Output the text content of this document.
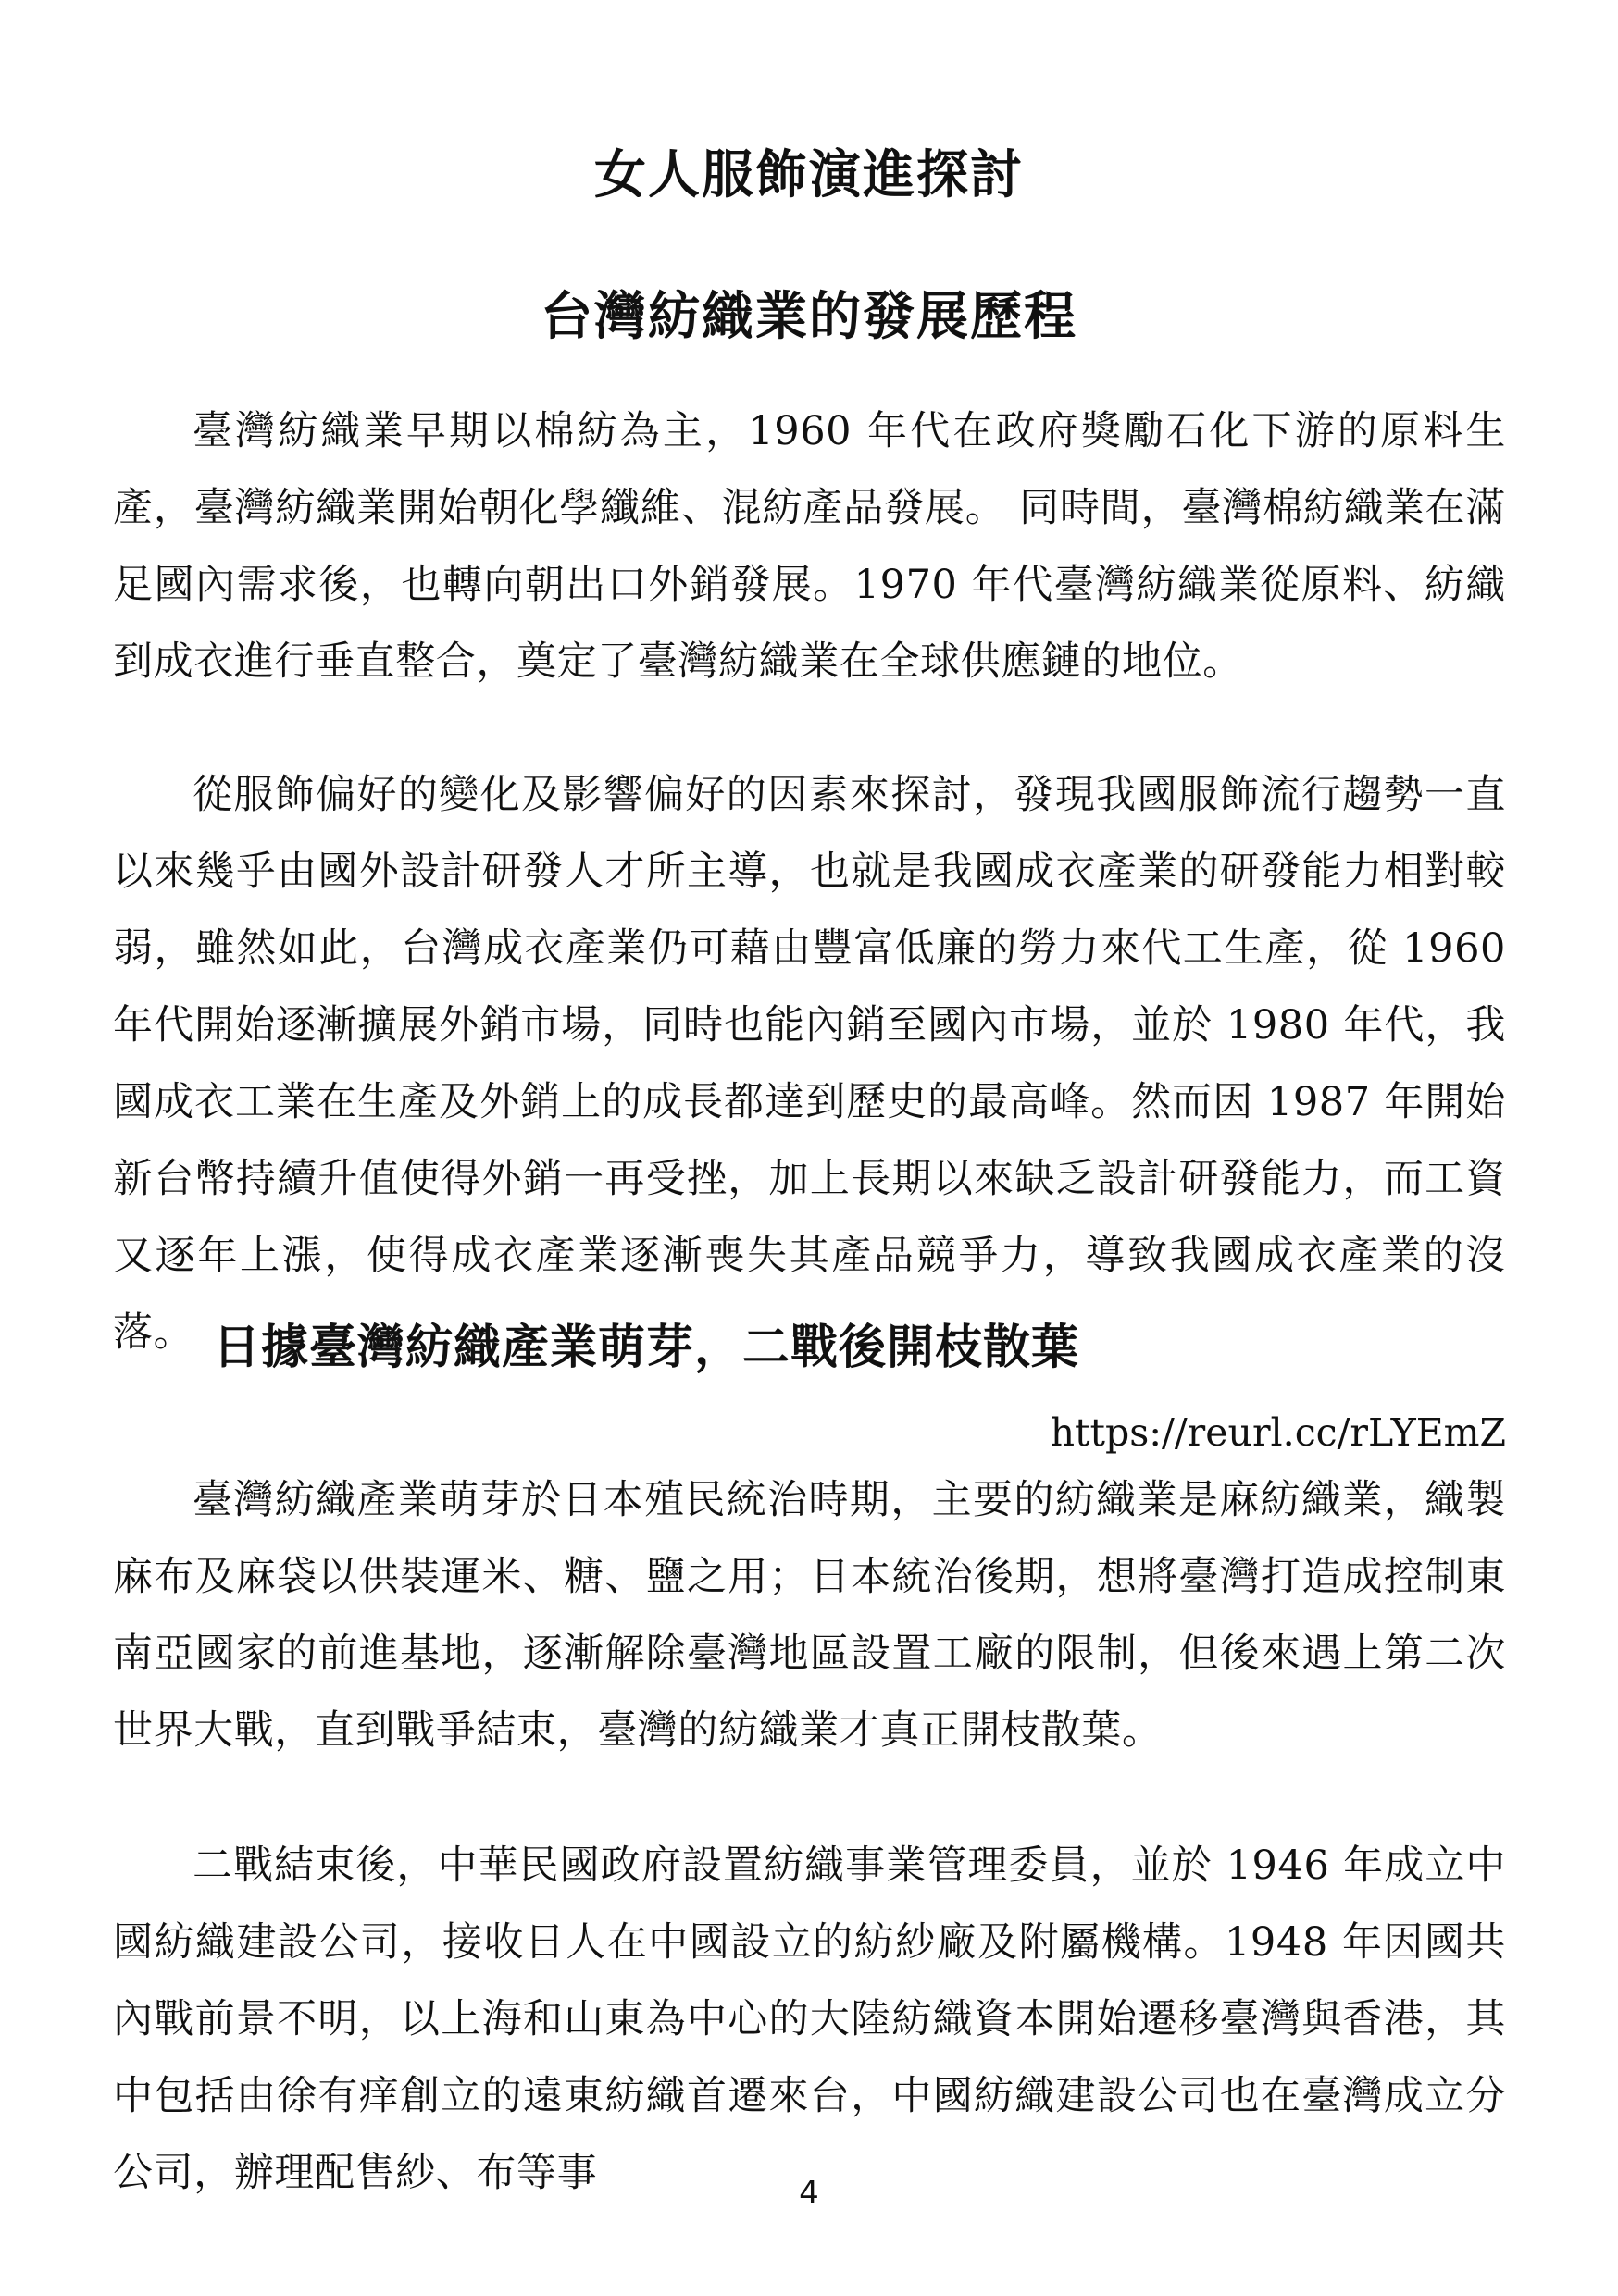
女人服飾演進探討
台灣紡織業的發展歷程

臺灣紡織業早期以棉紡為主，1960 年代在政府獎勵石化下游的原料生產，臺灣紡織業開始朝化學纖維、混紡產品發展。 同時間，臺灣棉紡織業在滿足國內需求後，也轉向朝出口外銷發展。1970 年代臺灣紡織業從原料、紡織到成衣進行垂直整合，奠定了臺灣紡織業在全球供應鏈的地位。

從服飾偏好的變化及影響偏好的因素來探討，發現我國服飾流行趨勢一直以來幾乎由國外設計研發人才所主導，也就是我國成衣產業的研發能力相對較弱，雖然如此，台灣成衣產業仍可藉由豐富低廉的勞力來代工生產，從 1960 年代開始逐漸擴展外銷市場，同時也能內銷至國內市場，並於 1980 年代，我國成衣工業在生產及外銷上的成長都達到歷史的最高峰。然而因 1987 年開始新台幣持續升值使得外銷一再受挫，加上長期以來缺乏設計研發能力，而工資又逐年上漲，使得成衣產業逐漸喪失其產品競爭力，導致我國成衣產業的沒落。 日據臺灣紡織產業萌芽，二戰後開枝散葉
https://reurl.cc/rLYEmZ

臺灣紡織產業萌芽於日本殖民統治時期，主要的紡織業是麻紡織業，織製麻布及麻袋以供裝運米、糖、鹽之用；日本統治後期，想將臺灣打造成控制東南亞國家的前進基地，逐漸解除臺灣地區設置工廠的限制，但後來遇上第二次世界大戰，直到戰爭結束，臺灣的紡織業才真正開枝散葉。

二戰結束後，中華民國政府設置紡織事業管理委員，並於 1946 年成立中國紡織建設公司，接收日人在中國設立的紡紗廠及附屬機構。1948 年因國共內戰前景不明，以上海和山東為中心的大陸紡織資本開始遷移臺灣與香港，其中包括由徐有痒創立的遠東紡織首遷來台，中國紡織建設公司也在臺灣成立分公司，辦理配售紗、布等事	4
